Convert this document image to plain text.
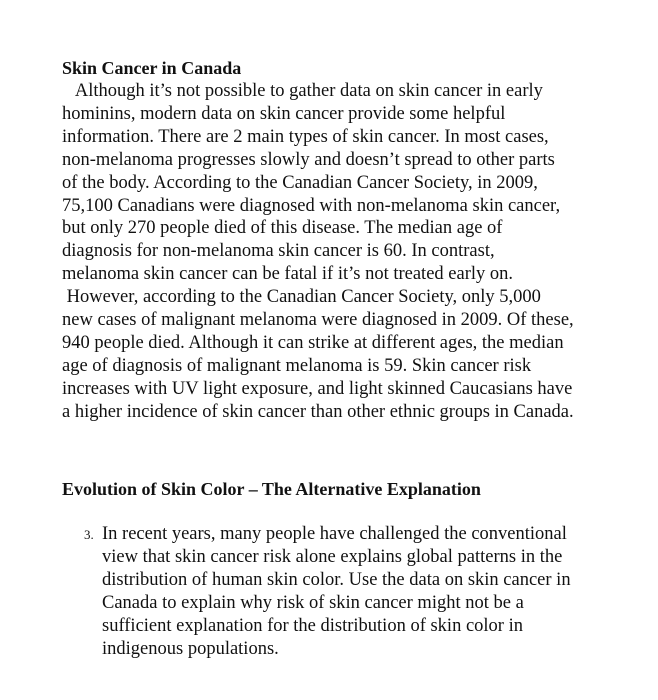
Skin Cancer in Canada

Although it’s not possible to gather data on skin cancer in early
hominins, modern data on skin cancer provide some helpful
information. There are 2 main types of skin cancer. In most cases,
non-melanoma progresses slowly and doesn’t spread to other parts
of the body. According to the Canadian Cancer Society, in 2009,
75,100 Canadians were diagnosed with non-melanoma skin cancer,
but only 270 people died of this disease. The median age of
diagnosis for non-melanoma skin cancer is 60. In contrast,
melanoma skin cancer can be fatal if it’s not treated early on.
However, according to the Canadian Cancer Society, only 5,000
new cases of malignant melanoma were diagnosed in 2009. Of these,
940 people died. Although it can strike at different ages, the median
age of diagnosis of malignant melanoma is 59. Skin cancer risk
increases with UV light exposure, and light skinned Caucasians have
a higher incidence of skin cancer than other ethnic groups in Canada.

Evolution of Skin Color – The Alternative Explanation
3. In recent years, many people have challenged the conventional
view that skin cancer risk alone explains global patterns in the
distribution of human skin color. Use the data on skin cancer in
Canada to explain why risk of skin cancer might not be a
sufficient explanation for the distribution of skin color in
indigenous populations.
